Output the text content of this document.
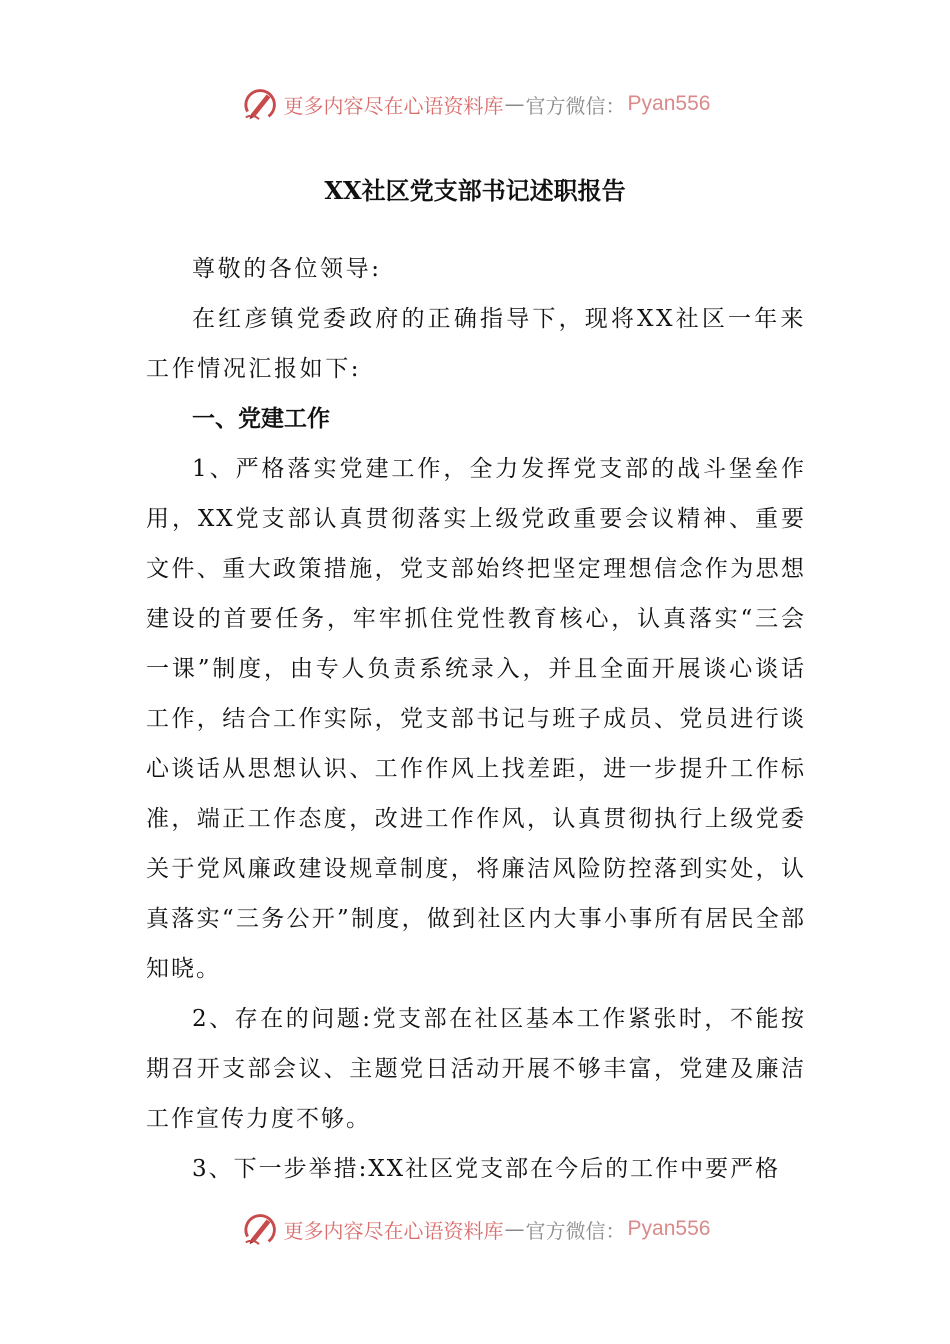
更多内容尽在心语资料库 — 官方微信： Pyan556
XX社区党支部书记述职报告

尊敬的各位领导:

在红彦镇党委政府的正确指导下，现将XX社区一年来工作情况汇报如下:

一、党建工作

1、严格落实党建工作，全力发挥党支部的战斗堡垒作用，XX党支部认真贯彻落实上级党政重要会议精神、重要文件、重大政策措施，党支部始终把坚定理想信念作为思想建设的首要任务，牢牢抓住党性教育核心，认真落实“三会一课”制度，由专人负责系统录入，并且全面开展谈心谈话工作，结合工作实际，党支部书记与班子成员、党员进行谈心谈话从思想认识、工作作风上找差距，进一步提升工作标准，端正工作态度，改进工作作风，认真贯彻执行上级党委关于党风廉政建设规章制度，将廉洁风险防控落到实处，认真落实“三务公开”制度，做到社区内大事小事所有居民全部知晓。

2、存在的问题:党支部在社区基本工作紧张时，不能按期召开支部会议、主题党日活动开展不够丰富，党建及廉洁工作宣传力度不够。

3、下一步举措:XX社区党支部在今后的工作中要严格

更多内容尽在心语资料库 — 官方微信： Pyan556
